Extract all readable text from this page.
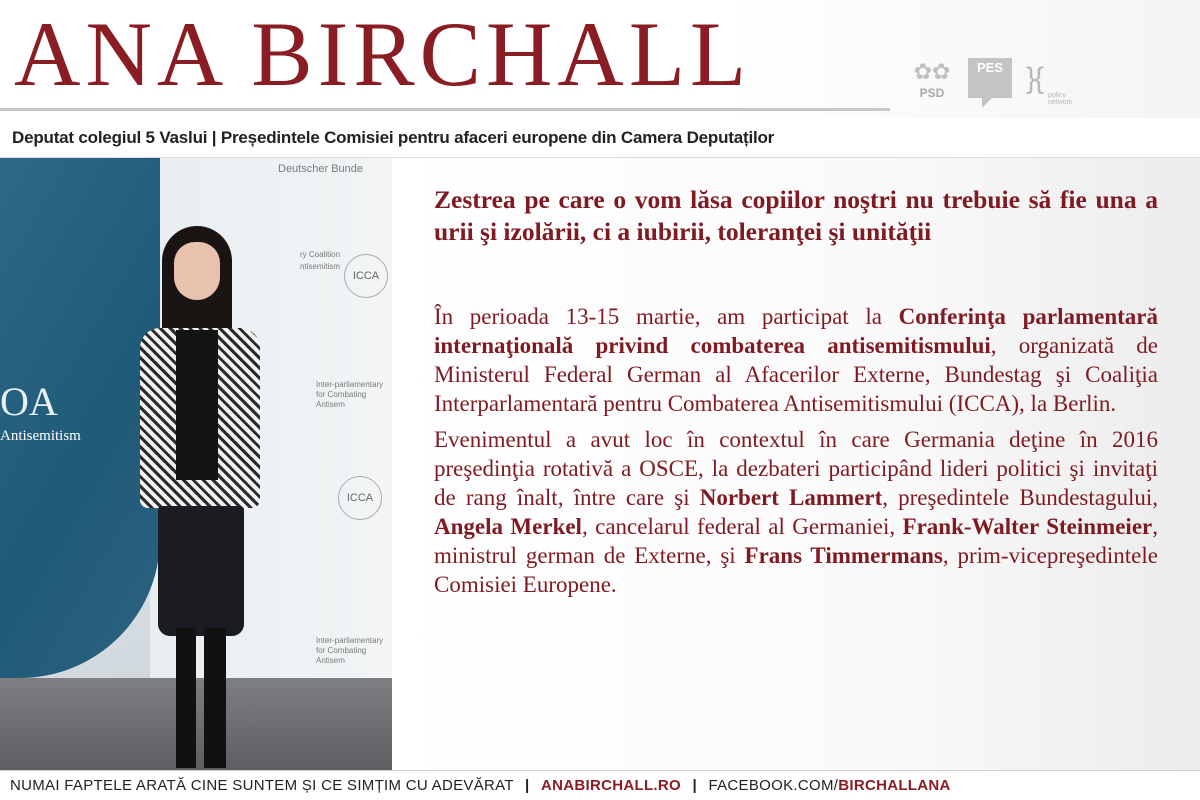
ANA BIRCHALL	✿✿
PSD
PES }{
policy network
Deputat colegiul 5 Vaslui | Președintele Comisiei pentru afaceri europene din Camera Deputaților
OA
Antisemitism
Deutscher Bunde
ry Coalition
ntisemitism
ICCA
Inter-parliamentary
for Combating Antisem
ICCA
Inter-parliamentary
for Combating Antisem
Zestrea pe care o vom lăsa copiilor noştri nu trebuie să fie una a urii şi izolării, ci a iubirii, toleranţei şi unităţii

În perioada 13-15 martie, am participat la Conferinţa parlamentară internaţională privind combaterea antisemitismului, organizată de Ministerul Federal German al Afacerilor Externe, Bundestag şi Coaliţia Interparlamentară pentru Combaterea Antisemitismului (ICCA), la Berlin.

Evenimentul a avut loc în contextul în care Germania deţine în 2016 preşedinţia rotativă a OSCE, la dezbateri participând lideri politici şi invitaţi de rang înalt, între care şi Norbert Lammert, preşedintele Bundestagului, Angela Merkel, cancelarul federal al Germaniei, Frank-Walter Steinmeier, ministrul german de Externe, şi Frans Timmermans, prim-vicepreşedintele Comisiei Europene.

NUMAI FAPTELE ARATĂ CINE SUNTEM ȘI CE SIMȚIM CU ADEVĂRAT | ANABIRCHALL.RO | FACEBOOK.COM/BIRCHALLANA
